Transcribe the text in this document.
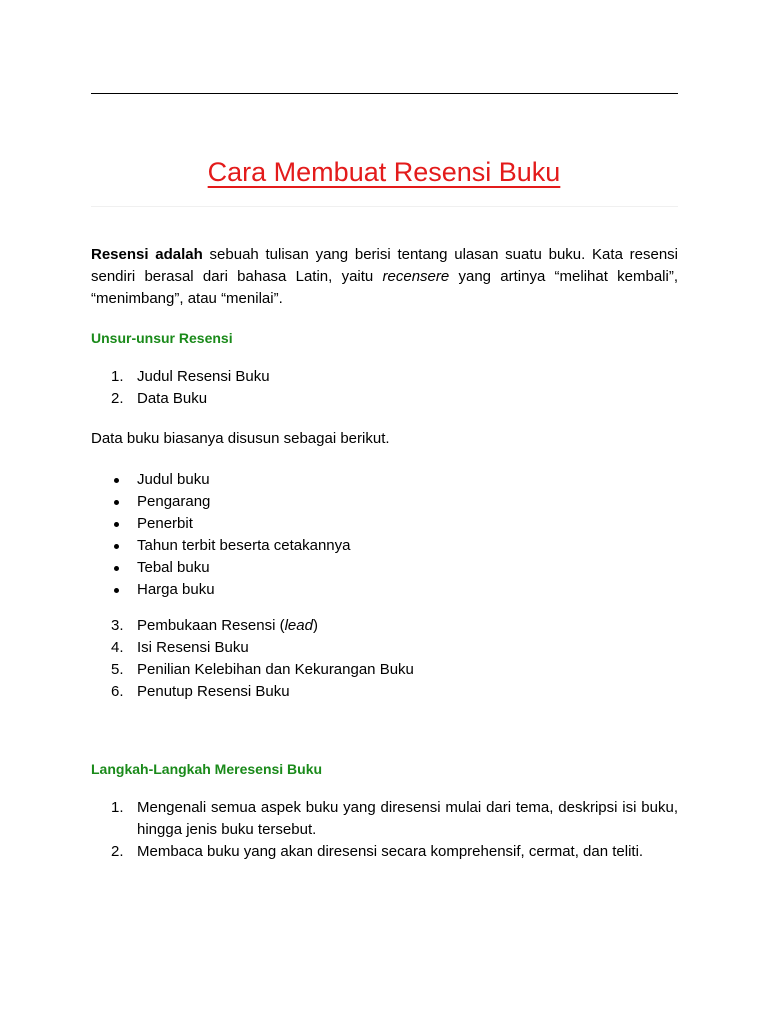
Cara Membuat Resensi Buku

Resensi adalah sebuah tulisan yang berisi tentang ulasan suatu buku. Kata resensi sendiri berasal dari bahasa Latin, yaitu recensere yang artinya “melihat kembali”, “menimbang”, atau “menilai”.

Unsur-unsur Resensi

1. Judul Resensi Buku
2. Data Buku

Data buku biasanya disusun sebagai berikut.

Judul buku
Pengarang
Penerbit
Tahun terbit beserta cetakannya
Tebal buku
Harga buku
3. Pembukaan Resensi (lead)
4. Isi Resensi Buku
5. Penilian Kelebihan dan Kekurangan Buku
6. Penutup Resensi Buku

Langkah-Langkah Meresensi Buku

1. Mengenali semua aspek buku yang diresensi mulai dari tema, deskripsi isi buku, hingga jenis buku tersebut.
2. Membaca buku yang akan diresensi secara komprehensif, cermat, dan teliti.
